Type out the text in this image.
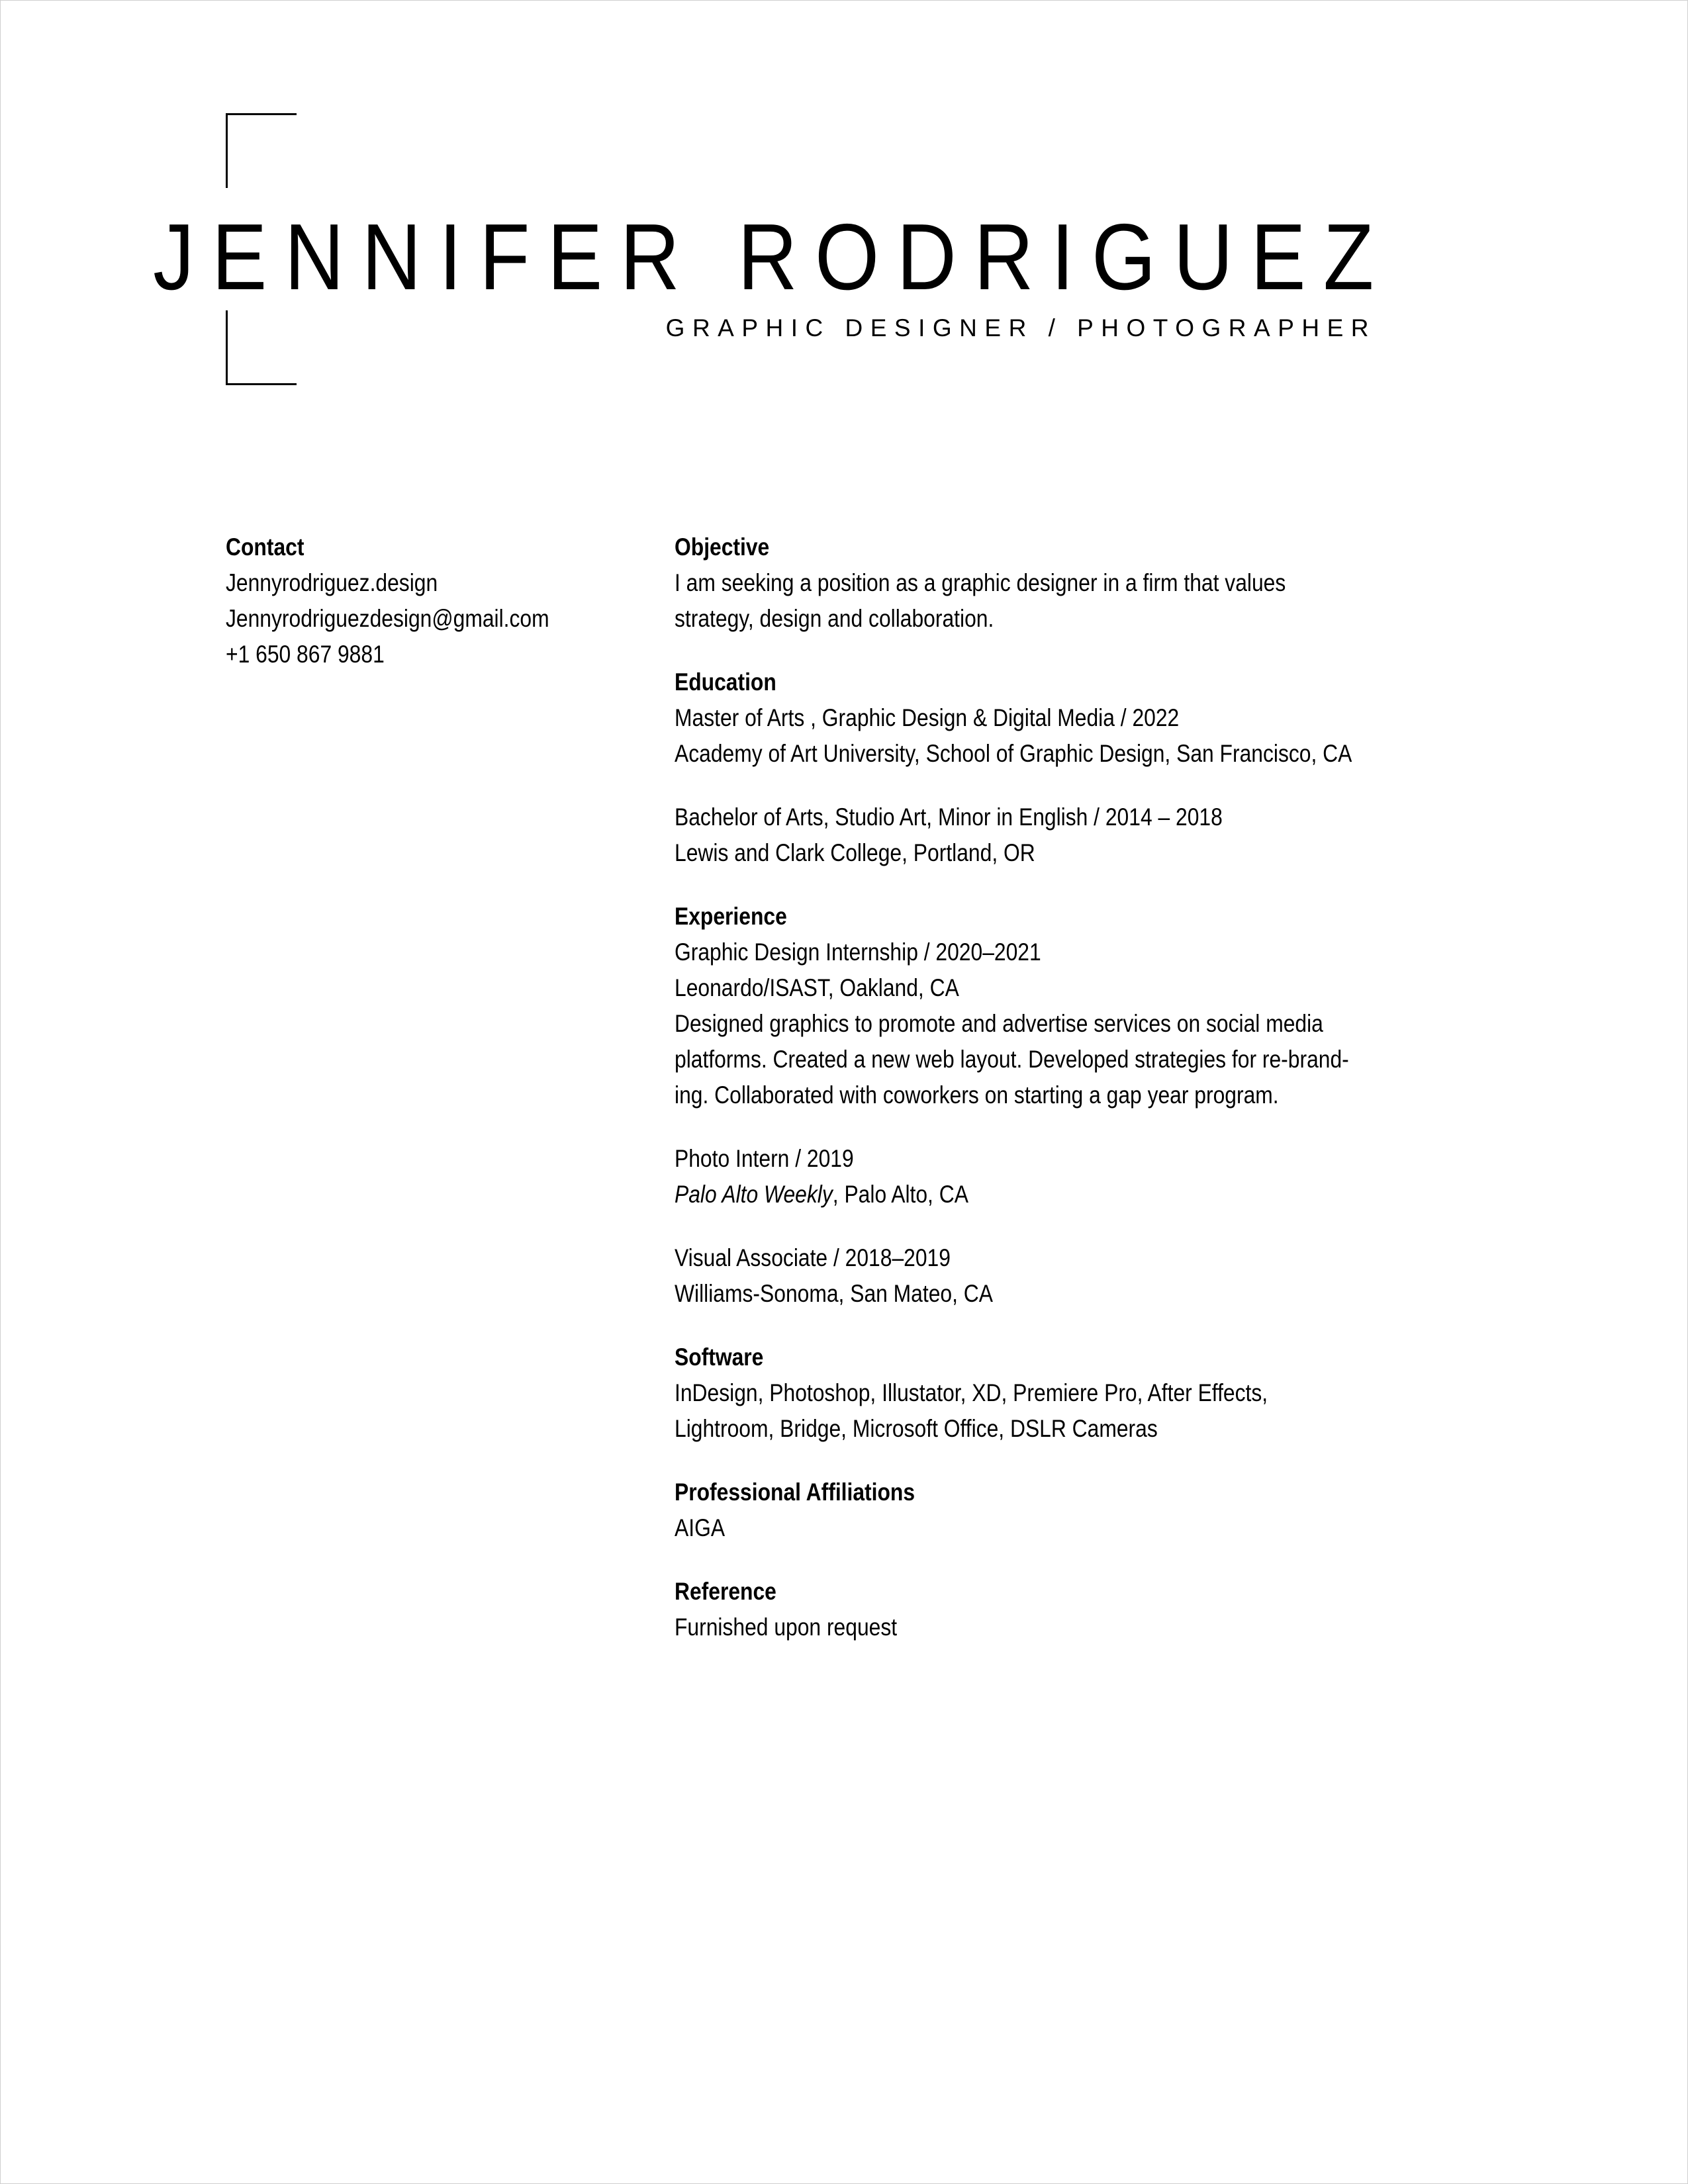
JENNIFER RODRIGUEZ

GRAPHIC DESIGNER / PHOTOGRAPHER

Contact
Jennyrodriguez.design
Jennyrodriguezdesign@gmail.com
+1 650 867 9881
Objective
I am seeking a position as a graphic designer in a firm that values
strategy, design and collaboration.
Education
Master of Arts , Graphic Design & Digital Media / 2022
Academy of Art University, School of Graphic Design, San Francisco, CA
Bachelor of Arts, Studio Art, Minor in English / 2014 – 2018
Lewis and Clark College, Portland, OR
Experience
Graphic Design Internship / 2020–2021
Leonardo/ISAST, Oakland, CA
Designed graphics to promote and advertise services on social media
platforms. Created a new web layout. Developed strategies for re-brand-
ing. Collaborated with coworkers on starting a gap year program.
Photo Intern / 2019
Palo Alto Weekly, Palo Alto, CA
Visual Associate / 2018–2019
Williams-Sonoma, San Mateo, CA
Software
InDesign, Photoshop, Illustator, XD, Premiere Pro, After Effects,
Lightroom, Bridge, Microsoft Office, DSLR Cameras
Professional Affiliations
AIGA
Reference
Furnished upon request
